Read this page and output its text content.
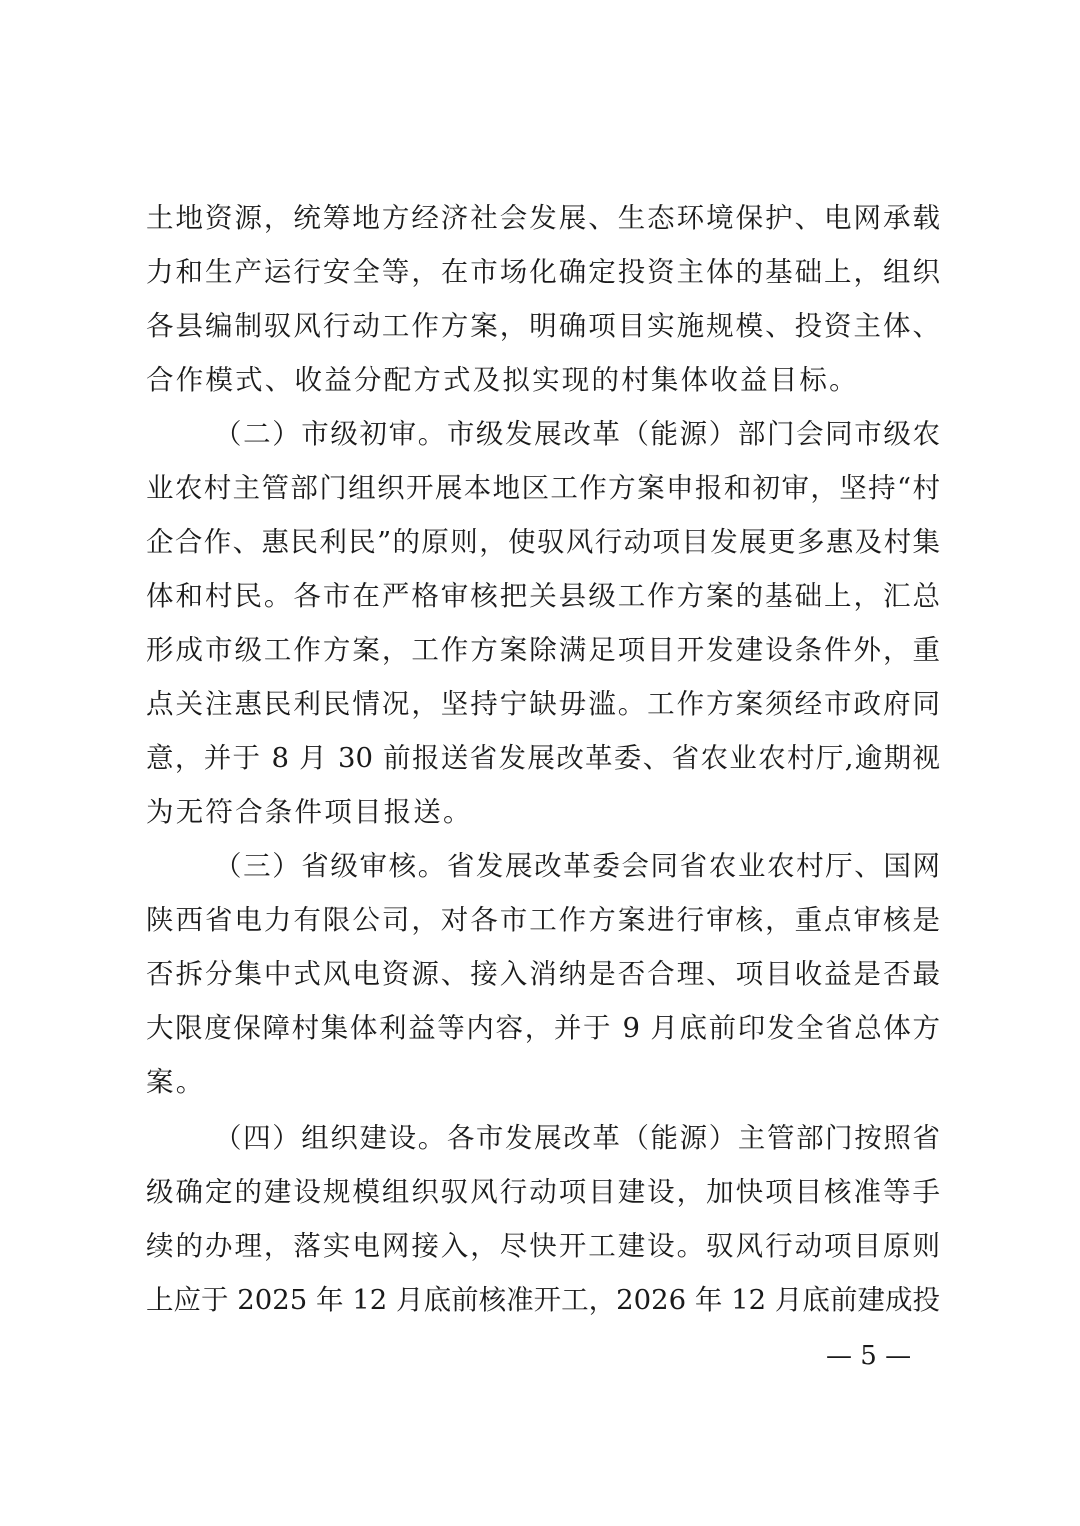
土地资源，统筹地方经济社会发展、生态环境保护、电网承载
力和生产运行安全等，在市场化确定投资主体的基础上，组织
各县编制驭风行动工作方案，明确项目实施规模、投资主体、
合作模式、收益分配方式及拟实现的村集体收益目标。
（二）市级初审。市级发展改革（能源）部门会同市级农
业农村主管部门组织开展本地区工作方案申报和初审，坚持“村
企合作、惠民利民”的原则，使驭风行动项目发展更多惠及村集
体和村民。各市在严格审核把关县级工作方案的基础上，汇总
形成市级工作方案，工作方案除满足项目开发建设条件外，重
点关注惠民利民情况，坚持宁缺毋滥。工作方案须经市政府同
意，并于 8 月 30 前报送省发展改革委、省农业农村厅,逾期视
为无符合条件项目报送。
（三）省级审核。省发展改革委会同省农业农村厅、国网
陕西省电力有限公司，对各市工作方案进行审核，重点审核是
否拆分集中式风电资源、接入消纳是否合理、项目收益是否最
大限度保障村集体利益等内容，并于 9 月底前印发全省总体方
案。
（四）组织建设。各市发展改革（能源）主管部门按照省
级确定的建设规模组织驭风行动项目建设，加快项目核准等手
续的办理，落实电网接入，尽快开工建设。驭风行动项目原则
上应于 2025 年 12 月底前核准开工，2026 年 12 月底前建成投
— 5 —
